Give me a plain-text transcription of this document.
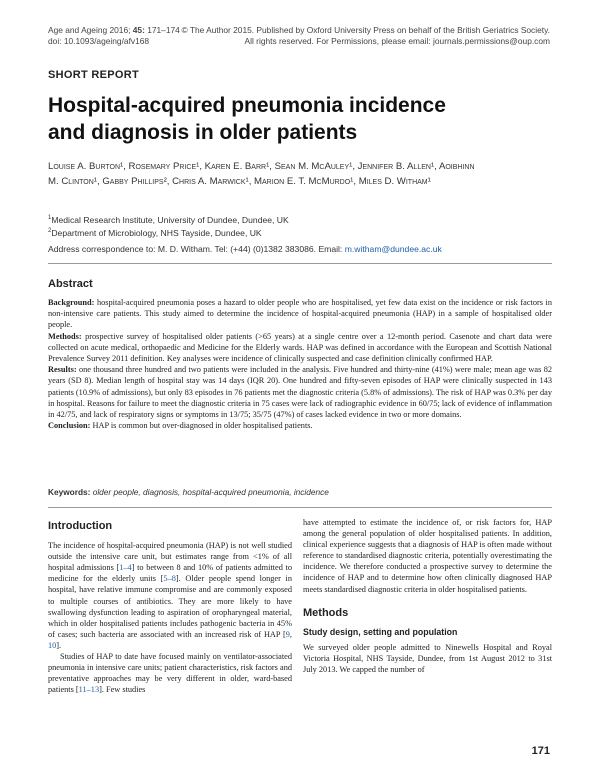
Age and Ageing 2016; 45: 171–174
doi: 10.1093/ageing/afv168
© The Author 2015. Published by Oxford University Press on behalf of the British Geriatrics Society.
All rights reserved. For Permissions, please email: journals.permissions@oup.com
SHORT REPORT
Hospital-acquired pneumonia incidence
and diagnosis in older patients
Louise A. Burton¹, Rosemary Price¹, Karen E. Barr¹, Sean M. McAuley¹, Jennifer B. Allen¹, Aoibhinn
M. Clinton¹, Gabby Phillips², Chris A. Marwick¹, Marion E. T. McMurdo¹, Miles D. Witham¹
$^1$Medical Research Institute, University of Dundee, Dundee, UK
$^2$Department of Microbiology, NHS Tayside, Dundee, UK
Address correspondence to: M. D. Witham. Tel: (+44) (0)1382 383086. Email: m.witham@dundee.ac.uk
Abstract

Background: hospital-acquired pneumonia poses a hazard to older people who are hospitalised, yet few data exist on the incidence or risk factors in non-intensive care patients. This study aimed to determine the incidence of hospital-acquired pneumonia (HAP) in a sample of hospitalised older people.

Methods: prospective survey of hospitalised older patients (>65 years) at a single centre over a 12-month period. Casenote and chart data were collected on acute medical, orthopaedic and Medicine for the Elderly wards. HAP was defined in accordance with the European and Scottish National Prevalence Survey 2011 definition. Key analyses were incidence of clinically suspected and case definition clinically confirmed HAP.

Results: one thousand three hundred and two patients were included in the analysis. Five hundred and thirty-nine (41%) were male; mean age was 82 years (SD 8). Median length of hospital stay was 14 days (IQR 20). One hundred and fifty-seven episodes of HAP were clinically suspected in 143 patients (10.9% of admissions), but only 83 episodes in 76 patients met the diagnostic criteria (5.8% of admissions). The risk of HAP was 0.3% per day in hospital. Reasons for failure to meet the diagnostic criteria in 75 cases were lack of radiographic evidence in 60/75; lack of evidence of inflammation in 42/75, and lack of respiratory signs or symptoms in 13/75; 35/75 (47%) of cases lacked evidence in two or more domains.

Conclusion: HAP is common but over-diagnosed in older hospitalised patients.

Keywords: older people, diagnosis, hospital-acquired pneumonia, incidence
Introduction

The incidence of hospital-acquired pneumonia (HAP) is not well studied outside the intensive care unit, but estimates range from <1% of all hospital admissions [1–4] to between 8 and 10% of patients admitted to medicine for the elderly units [5–8]. Older people spend longer in hospital, have relative immune compromise and are commonly exposed to multiple courses of antibiotics. They are more likely to have swallowing dysfunction leading to aspiration of oropharyngeal material, which in older hospitalised patients includes pathogenic bacteria in 45% of cases; such bacteria are associated with an increased risk of HAP [9, 10].

Studies of HAP to date have focused mainly on ventilator-associated pneumonia in intensive care units; patient characteristics, risk factors and preventative approaches may be very different in older, ward-based patients [11–13]. Few studies

have attempted to estimate the incidence of, or risk factors for, HAP among the general population of older hospitalised patients. In addition, clinical experience suggests that a diagnosis of HAP is often made without reference to standardised diagnostic criteria, potentially overestimating the incidence. We therefore conducted a prospective survey to determine the incidence of HAP and to determine how often clinically diagnosed HAP meets standardised diagnostic criteria in older hospitalised patients.

Methods
Study design, setting and population

We surveyed older people admitted to Ninewells Hospital and Royal Victoria Hospital, NHS Tayside, Dundee, from 1st August 2012 to 31st July 2013. We capped the number of

171
